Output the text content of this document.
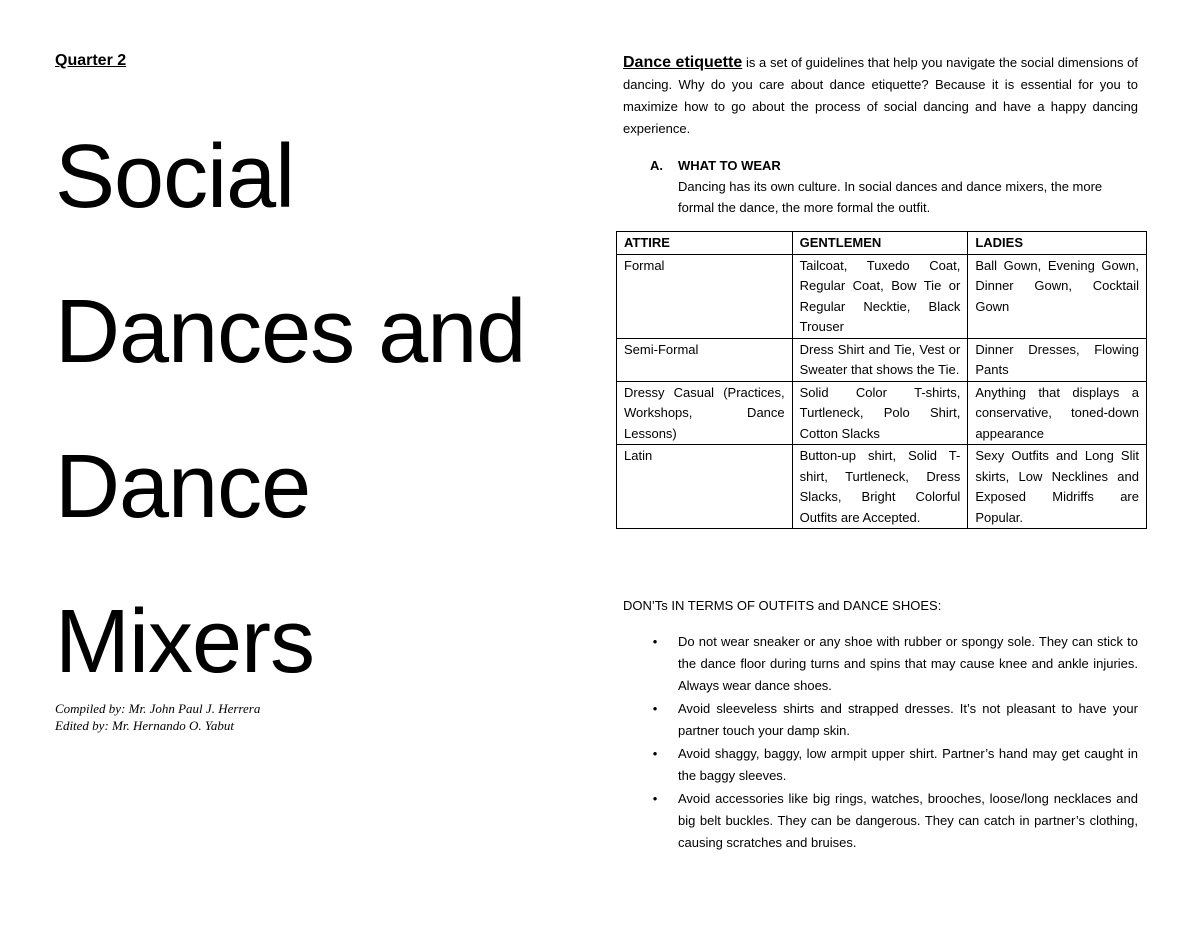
Quarter 2
Social
Dances and
Dance
Mixers
Compiled by: Mr. John Paul J. Herrera
Edited by: Mr. Hernando O. Yabut
Dance etiquette is a set of guidelines that help you navigate the social dimensions of dancing. Why do you care about dance etiquette? Because it is essential for you to maximize how to go about the process of social dancing and have a happy dancing experience.
A. WHAT TO WEAR
Dancing has its own culture. In social dances and dance mixers, the more formal the dance, the more formal the outfit.
ATTIRE	GENTLEMEN	LADIES
Formal	Tailcoat, Tuxedo Coat, Regular Coat, Bow Tie or Regular Necktie, Black Trouser	Ball Gown, Evening Gown, Dinner Gown, Cocktail Gown
Semi-Formal	Dress Shirt and Tie, Vest or Sweater that shows the Tie.	Dinner Dresses, Flowing Pants
Dressy Casual (Practices, Workshops, Dance Lessons)	Solid Color T-shirts, Turtleneck, Polo Shirt, Cotton Slacks	Anything that displays a conservative, toned-down appearance
Latin	Button-up shirt, Solid T-shirt, Turtleneck, Dress Slacks, Bright Colorful Outfits are Accepted.	Sexy Outfits and Long Slit skirts, Low Necklines and Exposed Midriffs are Popular.
DON’Ts IN TERMS OF OUTFITS and DANCE SHOES:
• Do not wear sneaker or any shoe with rubber or spongy sole. They can stick to the dance floor during turns and spins that may cause knee and ankle injuries. Always wear dance shoes.
• Avoid sleeveless shirts and strapped dresses. It’s not pleasant to have your partner touch your damp skin.
• Avoid shaggy, baggy, low armpit upper shirt. Partner’s hand may get caught in the baggy sleeves.
• Avoid accessories like big rings, watches, brooches, loose/long necklaces and big belt buckles. They can be dangerous. They can catch in partner’s clothing, causing scratches and bruises.
